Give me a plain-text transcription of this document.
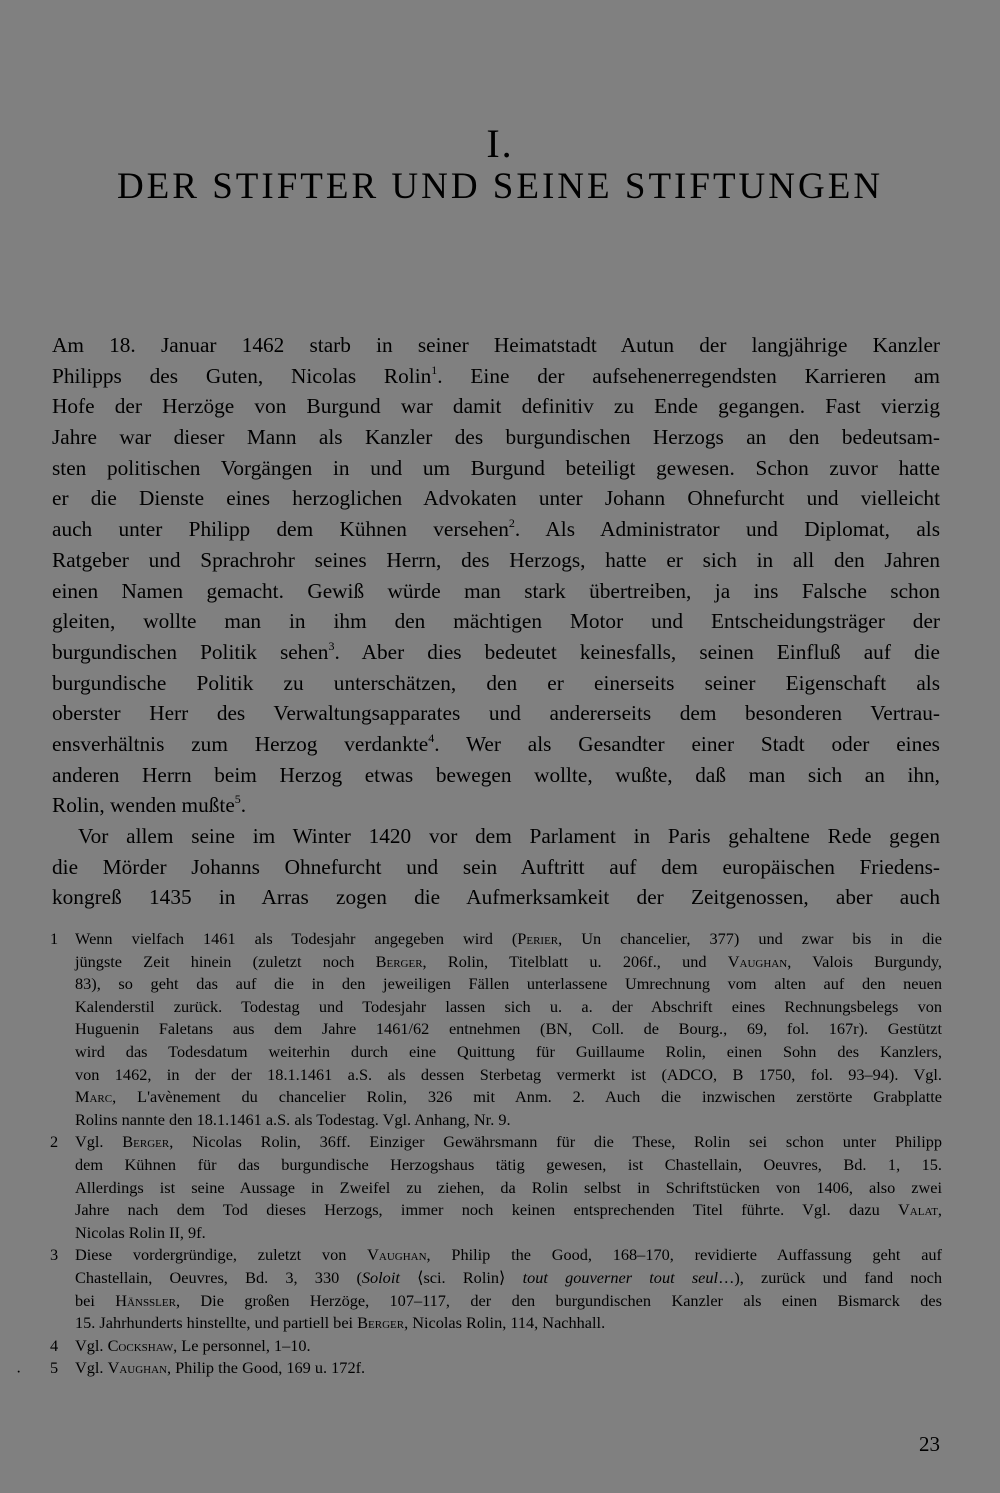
I.
DER STIFTER UND SEINE STIFTUNGEN
Am 18. Januar 1462 starb in seiner Heimatstadt Autun der langjährige Kanzler
Philipps des Guten, Nicolas Rolin$^1$. Eine der aufsehenerregendsten Karrieren am
Hofe der Herzöge von Burgund war damit definitiv zu Ende gegangen. Fast vierzig
Jahre war dieser Mann als Kanzler des burgundischen Herzogs an den bedeutsam-
sten politischen Vorgängen in und um Burgund beteiligt gewesen. Schon zuvor hatte
er die Dienste eines herzoglichen Advokaten unter Johann Ohnefurcht und vielleicht
auch unter Philipp dem Kühnen versehen$^2$. Als Administrator und Diplomat, als
Ratgeber und Sprachrohr seines Herrn, des Herzogs, hatte er sich in all den Jahren
einen Namen gemacht. Gewiß würde man stark übertreiben, ja ins Falsche schon
gleiten, wollte man in ihm den mächtigen Motor und Entscheidungsträger der
burgundischen Politik sehen$^3$. Aber dies bedeutet keinesfalls, seinen Einfluß auf die
burgundische Politik zu unterschätzen, den er einerseits seiner Eigenschaft als
oberster Herr des Verwaltungsapparates und andererseits dem besonderen Vertrau-
ensverhältnis zum Herzog verdankte$^4$. Wer als Gesandter einer Stadt oder eines
anderen Herrn beim Herzog etwas bewegen wollte, wußte, daß man sich an ihn,
Rolin, wenden mußte$^5$.
Vor allem seine im Winter 1420 vor dem Parlament in Paris gehaltene Rede gegen
die Mörder Johanns Ohnefurcht und sein Auftritt auf dem europäischen Friedens-
kongreß 1435 in Arras zogen die Aufmerksamkeit der Zeitgenossen, aber auch
1 Wenn vielfach 1461 als Todesjahr angegeben wird (Perier, Un chancelier, 377) und zwar bis in die
jüngste Zeit hinein (zuletzt noch Berger, Rolin, Titelblatt u. 206f., und Vaughan, Valois Burgundy,
83), so geht das auf die in den jeweiligen Fällen unterlassene Umrechnung vom alten auf den neuen
Kalenderstil zurück. Todestag und Todesjahr lassen sich u. a. der Abschrift eines Rechnungsbelegs von
Huguenin Faletans aus dem Jahre 1461/62 entnehmen (BN, Coll. de Bourg., 69, fol. 167r). Gestützt
wird das Todesdatum weiterhin durch eine Quittung für Guillaume Rolin, einen Sohn des Kanzlers,
von 1462, in der der 18.1.1461 a.S. als dessen Sterbetag vermerkt ist (ADCO, B 1750, fol. 93–94). Vgl.
Marc, L'avènement du chancelier Rolin, 326 mit Anm. 2. Auch die inzwischen zerstörte Grabplatte
Rolins nannte den 18.1.1461 a.S. als Todestag. Vgl. Anhang, Nr. 9.
2 Vgl. Berger, Nicolas Rolin, 36ff. Einziger Gewährsmann für die These, Rolin sei schon unter Philipp
dem Kühnen für das burgundische Herzogshaus tätig gewesen, ist Chastellain, Oeuvres, Bd. 1, 15.
Allerdings ist seine Aussage in Zweifel zu ziehen, da Rolin selbst in Schriftstücken von 1406, also zwei
Jahre nach dem Tod dieses Herzogs, immer noch keinen entsprechenden Titel führte. Vgl. dazu Valat,
Nicolas Rolin II, 9f.
3 Diese vordergründige, zuletzt von Vaughan, Philip the Good, 168–170, revidierte Auffassung geht auf
Chastellain, Oeuvres, Bd. 3, 330 (Soloit ⟨sci. Rolin⟩ tout gouverner tout seul…), zurück und fand noch
bei Hänssler, Die großen Herzöge, 107–117, der den burgundischen Kanzler als einen Bismarck des
15. Jahrhunderts hinstellte, und partiell bei Berger, Nicolas Rolin, 114, Nachhall.
4 Vgl. Cockshaw, Le personnel, 1–10.
5 Vgl. Vaughan, Philip the Good, 169 u. 172f.
·
23
